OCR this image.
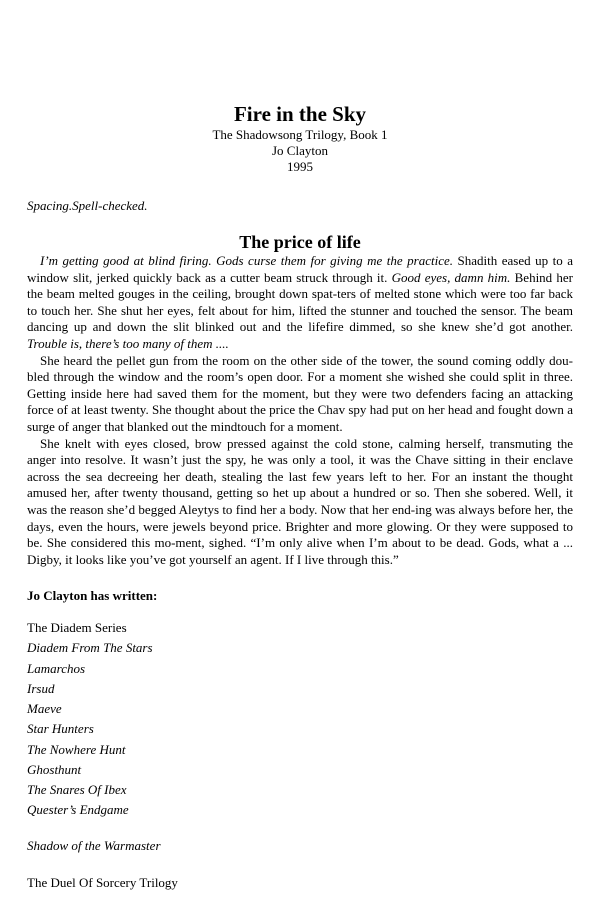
Fire in the Sky
The Shadowsong Trilogy, Book 1
Jo Clayton
1995
Spacing.Spell-checked.
The price of life

I’m getting good at blind firing. Gods curse them for giving me the practice. Shadith eased up to a window slit, jerked quickly back as a cutter beam struck through it. Good eyes, damn him. Behind her the beam melted gouges in the ceiling, brought down spat-ters of melted stone which were too far back to touch her. She shut her eyes, felt about for him, lifted the stunner and touched the sensor. The beam dancing up and down the slit blinked out and the lifefire dimmed, so she knew she’d got another. Trouble is, there’s too many of them ....

She heard the pellet gun from the room on the other side of the tower, the sound coming oddly dou-bled through the window and the room’s open door. For a moment she wished she could split in three. Getting inside here had saved them for the moment, but they were two defenders facing an attacking force of at least twenty. She thought about the price the Chav spy had put on her head and fought down a surge of anger that blanked out the mindtouch for a moment.

She knelt with eyes closed, brow pressed against the cold stone, calming herself, transmuting the anger into resolve. It wasn’t just the spy, he was only a tool, it was the Chave sitting in their enclave across the sea decreeing her death, stealing the last few years left to her. For an instant the thought amused her, after twenty thousand, getting so het up about a hundred or so. Then she sobered. Well, it was the reason she’d begged Aleytys to find her a body. Now that her end-ing was always before her, the days, even the hours, were jewels beyond price. Brighter and more glowing. Or they were supposed to be. She considered this mo-ment, sighed. “I’m only alive when I’m about to be dead. Gods, what a ... Digby, it looks like you’ve got yourself an agent. If I live through this.”

Jo Clayton has written:
The Diadem Series
Diadem From The Stars
Lamarchos
Irsud
Maeve
Star Hunters
The Nowhere Hunt
Ghosthunt
The Snares Of Ibex
Quester’s Endgame
Shadow of the Warmaster
The Duel Of Sorcery Trilogy
